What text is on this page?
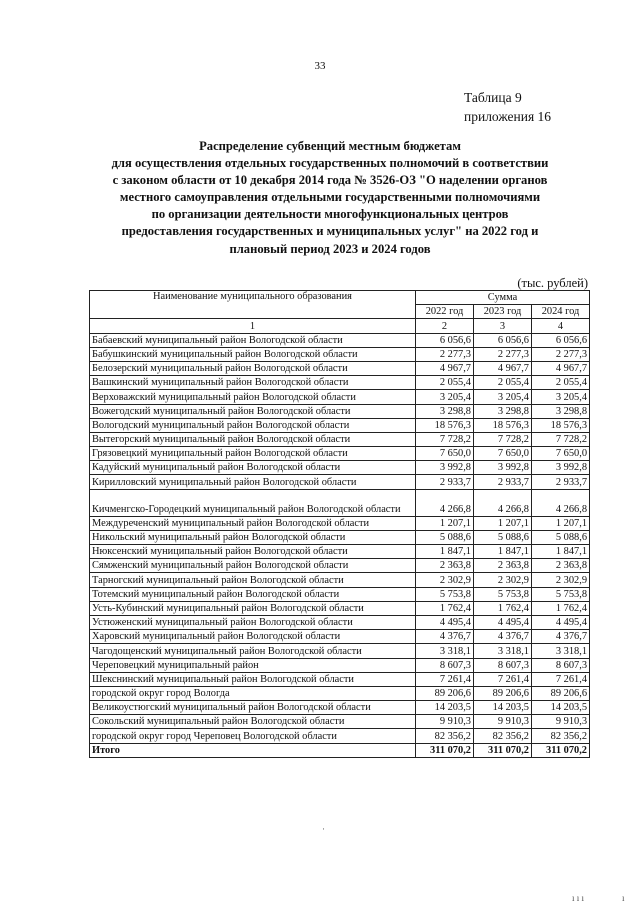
33
Таблица 9
приложения 16
Распределение субвенций местным бюджетам
для осуществления отдельных государственных полномочий в соответствии
с законом области от 10 декабря 2014 года № 3526-ОЗ "О наделении органов
местного самоуправления отдельными государственными полномочиями
по организации деятельности многофункциональных центров
предоставления государственных и муниципальных услуг" на 2022 год и
плановый период 2023 и 2024 годов
(тыс. рублей)
Наименование муниципального образования	Сумма		
	2022 год	2023 год	2024 год
1	2	3	4
Бабаевский муниципальный район Вологодской области	6 056,6	6 056,6	6 056,6
Бабушкинский муниципальный район Вологодской области	2 277,3	2 277,3	2 277,3
Белозерский муниципальный район Вологодской области	4 967,7	4 967,7	4 967,7
Вашкинский муниципальный район Вологодской области	2 055,4	2 055,4	2 055,4
Верховажский муниципальный район Вологодской области	3 205,4	3 205,4	3 205,4
Вожегодский муниципальный район Вологодской области	3 298,8	3 298,8	3 298,8
Вологодский муниципальный район Вологодской области	18 576,3	18 576,3	18 576,3
Вытегорский муниципальный район Вологодской области	7 728,2	7 728,2	7 728,2
Грязовецкий муниципальный район Вологодской области	7 650,0	7 650,0	7 650,0
Кадуйский муниципальный район Вологодской области	3 992,8	3 992,8	3 992,8
Кирилловский муниципальный район Вологодской области	2 933,7	2 933,7	2 933,7
Кичменгско-Городецкий муниципальный район Вологодской области	4 266,8	4 266,8	4 266,8
Междуреченский муниципальный район Вологодской области	1 207,1	1 207,1	1 207,1
Никольский муниципальный район Вологодской области	5 088,6	5 088,6	5 088,6
Нюксенский муниципальный район Вологодской области	1 847,1	1 847,1	1 847,1
Сямженский муниципальный район Вологодской области	2 363,8	2 363,8	2 363,8
Тарногский муниципальный район Вологодской области	2 302,9	2 302,9	2 302,9
Тотемский муниципальный район Вологодской области	5 753,8	5 753,8	5 753,8
Усть-Кубинский муниципальный район Вологодской области	1 762,4	1 762,4	1 762,4
Устюженский муниципальный район Вологодской области	4 495,4	4 495,4	4 495,4
Харовский муниципальный район Вологодской области	4 376,7	4 376,7	4 376,7
Чагодощенский муниципальный район Вологодской области	3 318,1	3 318,1	3 318,1
Череповецкий муниципальный район	8 607,3	8 607,3	8 607,3
Шекснинский муниципальный район Вологодской области	7 261,4	7 261,4	7 261,4
городской округ город Вологда	89 206,6	89 206,6	89 206,6
Великоустюгский муниципальный район Вологодской области	14 203,5	14 203,5	14 203,5
Сокольский муниципальный район Вологодской области	9 910,3	9 910,3	9 910,3
городской округ город Череповец Вологодской области	82 356,2	82 356,2	82 356,2
Итого	311 070,2	311 070,2	311 070,2
·
ı ı ı	ı
